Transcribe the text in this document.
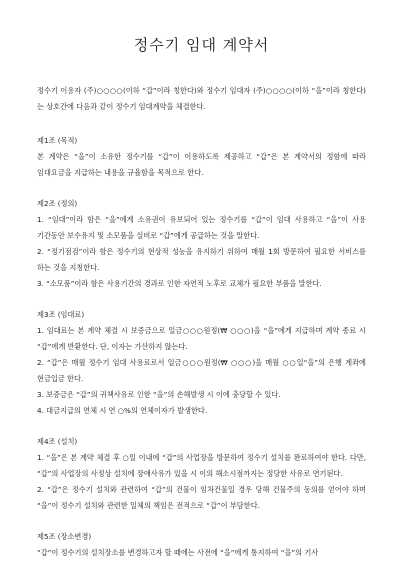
정수기 임대 계약서

정수기 이용자 (주)○○○○(이하 “갑”이라 칭한다)와 정수기 임대자 (주)○○○○(이하 “을”이라 칭한다)는 상호간에 다음과 같이 정수기 임대계약을 체결한다.

제1조 (목적)

본 계약은 “을”이 소유한 정수기를 “갑”이 이용하도록 제공하고 “갑”은 본 계약서의 정함에 따라 임대요금을 지급하는 내용을 규율함을 목적으로 한다.

제2조 (정의)

1. “임대”이라 함은 “을”에게 소유권이 유보되어 있는 정수기를 “갑”이 임대 사용하고 “을”이 사용 기간동안 보수유지 및 소모품을 실비로 “갑”에게 공급하는 것을 말한다.

2. “정기점검”이라 함은 정수기의 현상적 성능을 유지하기 위하여 매월 1회 방문하여 필요한 서비스를 하는 것을 지칭한다.

3. “소모품”이라 함은 사용기간의 경과로 인한 자연적 노후로 교체가 필요한 부품을 말한다.

제3조 (임대료)

1. 임대료는 본 계약 체결 시 보증금으로 일금○○○원정(₩ ○○○)을 “을”에게 지급하며 계약 종료 시 “갑”에게 반환한다. 단, 이자는 가산하지 않는다.

2. “갑”은 매월 정수기 임대 사용료로서 일금○○○원정(₩ ○○○)을 매월 ○○일“을”의 은행 계좌에 현금입금 한다.

3. 보증금은 “갑”의 귀책사유로 인한 “을”의 손해발생 시 이에 충당할 수 있다.

4. 대금지급의 연체 시 연 ○%의 연체이자가 발생한다.

제4조 (설치)

1. “을”은 본 계약 체결 후 ○일 이내에 “갑”의 사업장을 방문하여 정수기 설치를 완료하여야 한다. 다만, “갑”의 사업장의 사정상 설치에 장애사유가 있을 시 이의 해소시점까지는 정당한 사유로 연기된다.

2. “갑”은 정수기 설치와 관련하여 “갑”의 건물이 임차건물일 경우 당해 건물주의 동의를 얻어야 하며 “을”이 정수기 설치와 관련한 일체의 책임은 전적으로 “갑”이 부담한다.

제5조 (장소변경)

“갑”이 정수기의 설치장소를 변경하고자 할 때에는 사전에 “을”에게 통지하여 “을”의 기사
